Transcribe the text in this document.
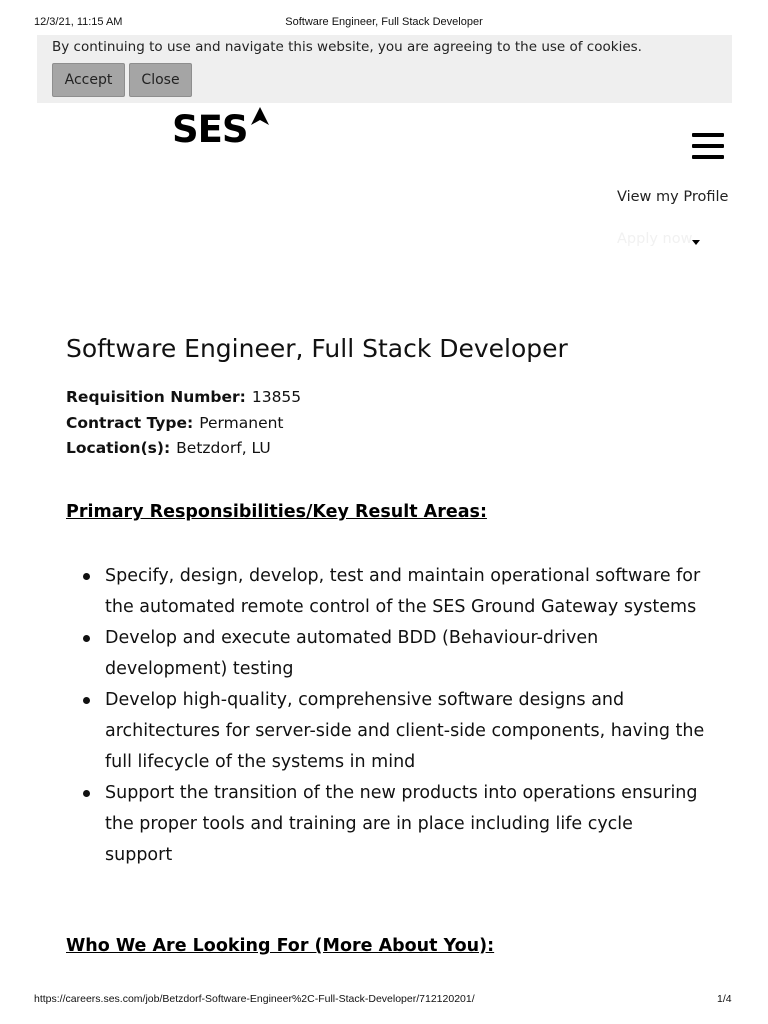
12/3/21, 11:15 AM	Software Engineer, Full Stack Developer
By continuing to use and navigate this website, you are agreeing to the use of cookies.
Accept	Close
SES
View my Profile
Apply now
Software Engineer, Full Stack Developer
Requisition Number: 13855
Contract Type: Permanent
Location(s): Betzdorf, LU
Primary Responsibilities/Key Result Areas:
Specify, design, develop, test and maintain operational software for the automated remote control of the SES Ground Gateway systems
Develop and execute automated BDD (Behaviour-driven development) testing
Develop high-quality, comprehensive software designs and architectures for server-side and client-side components, having the full lifecycle of the systems in mind
Support the transition of the new products into operations ensuring the proper tools and training are in place including life cycle support
Who We Are Looking For (More About You):
https://careers.ses.com/job/Betzdorf-Software-Engineer%2C-Full-Stack-Developer/712120201/	1/4
